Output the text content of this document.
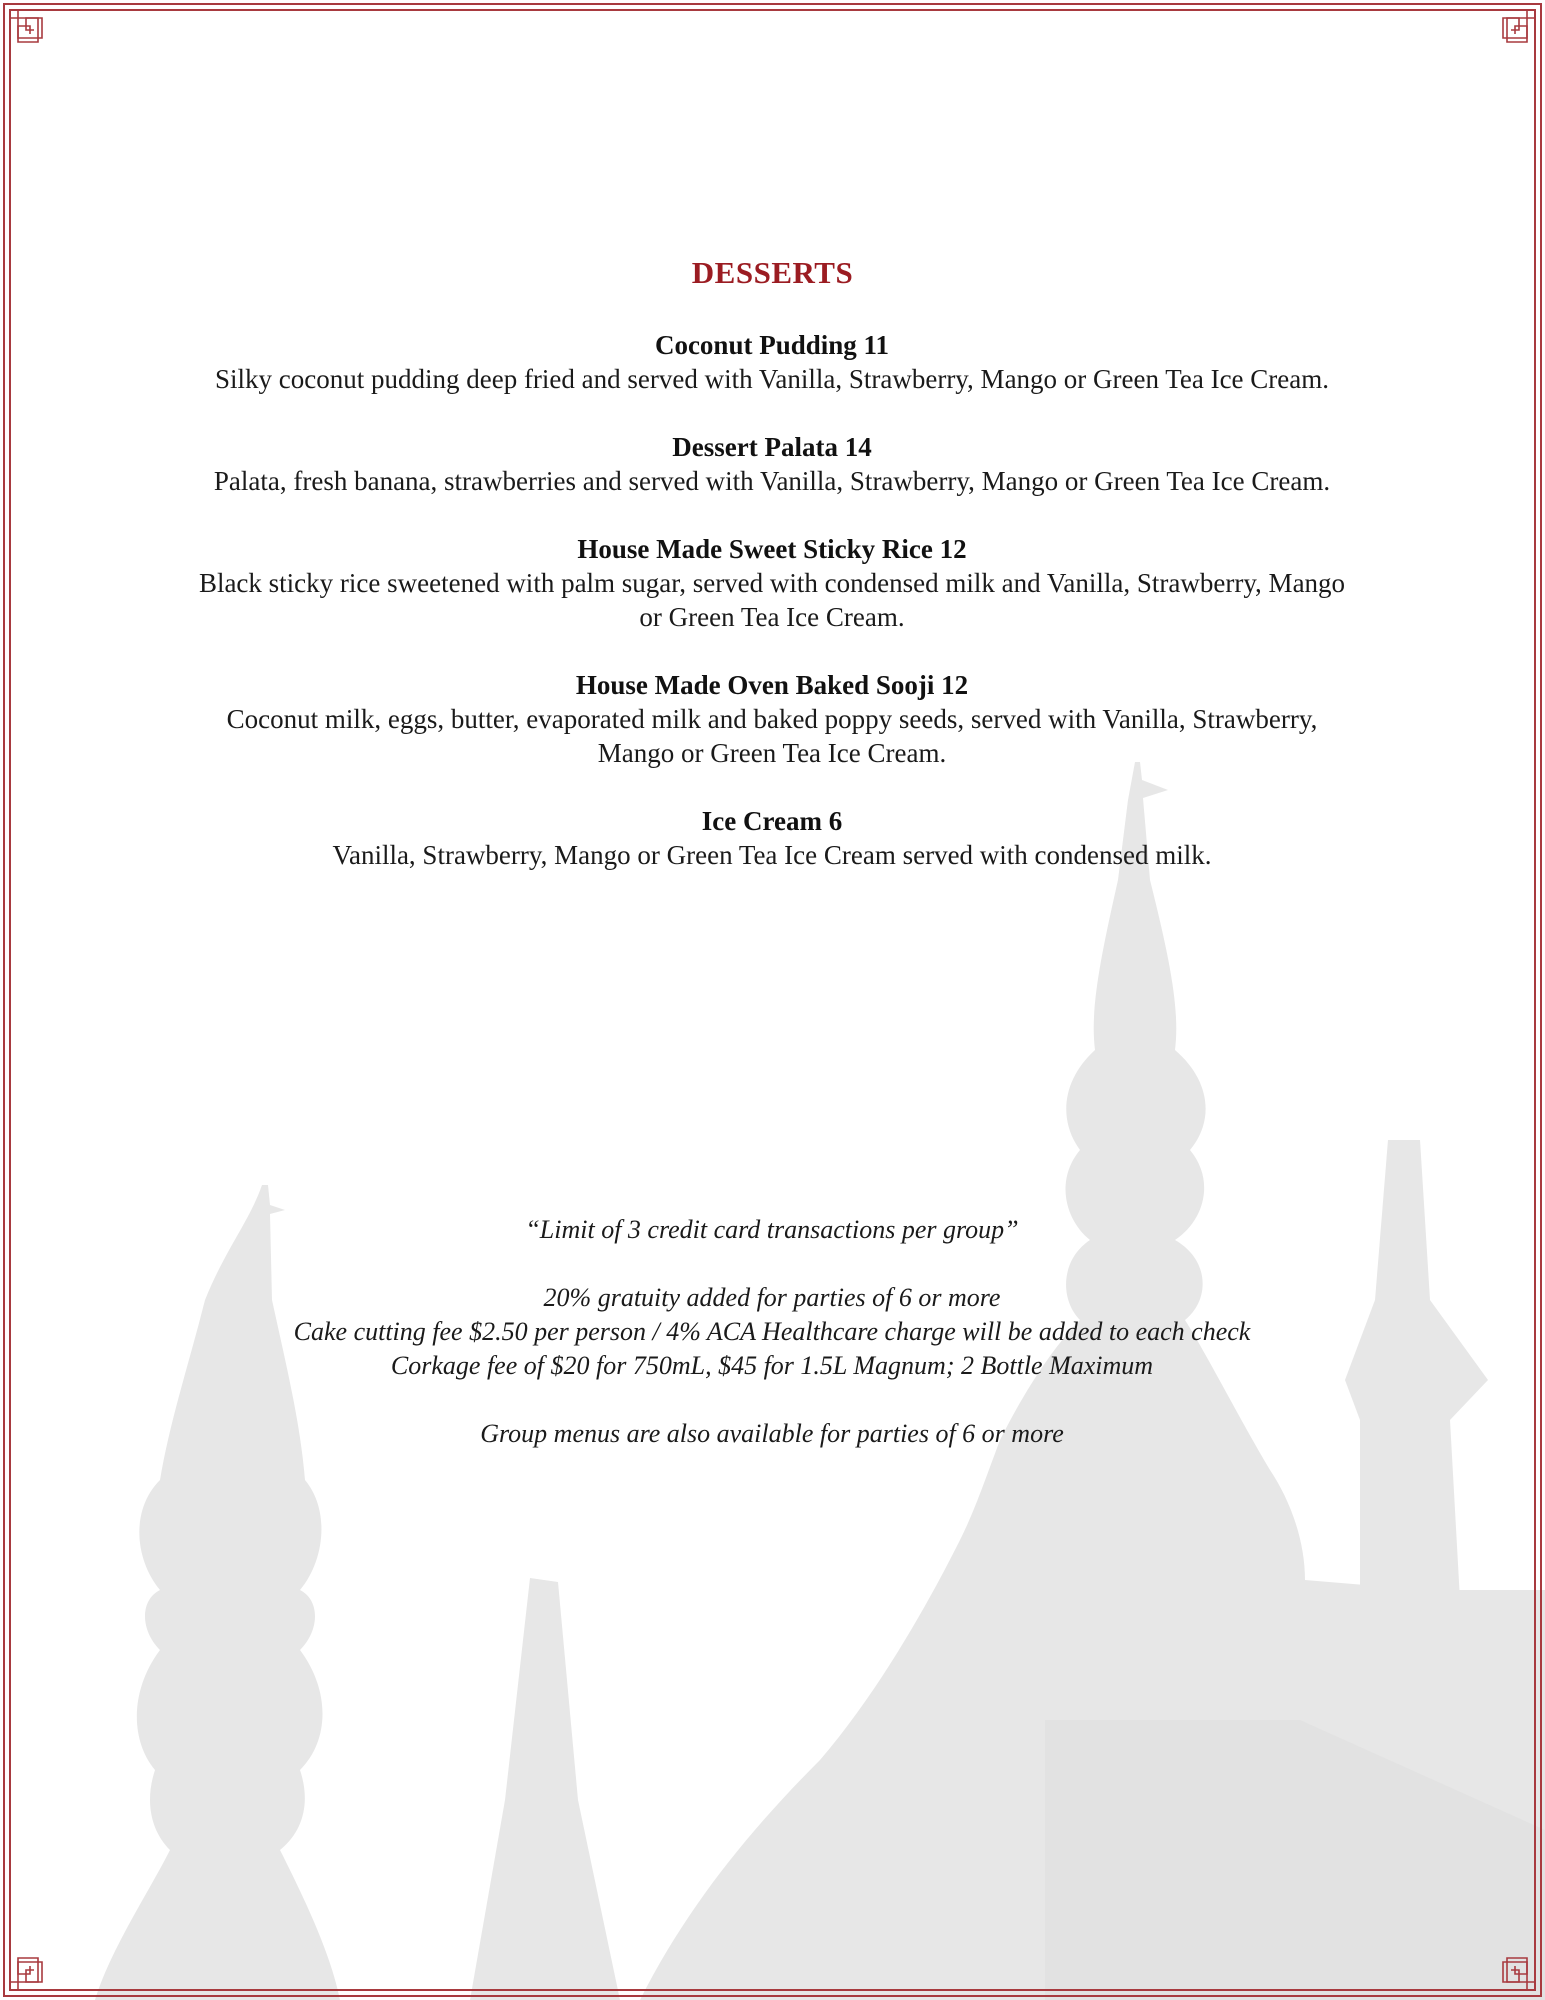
DESSERTS
Coconut Pudding 11
Silky coconut pudding deep fried and served with Vanilla, Strawberry, Mango or Green Tea Ice Cream.
Dessert Palata 14
Palata, fresh banana, strawberries and served with Vanilla, Strawberry, Mango or Green Tea Ice Cream.
House Made Sweet Sticky Rice 12
Black sticky rice sweetened with palm sugar, served with condensed milk and Vanilla, Strawberry, Mango or Green Tea Ice Cream.
House Made Oven Baked Sooji 12
Coconut milk, eggs, butter, evaporated milk and baked poppy seeds, served with Vanilla, Strawberry, Mango or Green Tea Ice Cream.
Ice Cream 6
Vanilla, Strawberry, Mango or Green Tea Ice Cream served with condensed milk.
“Limit of 3 credit card transactions per group”
20% gratuity added for parties of 6 or more
Cake cutting fee $2.50 per person / 4% ACA Healthcare charge will be added to each check
Corkage fee of $20 for 750mL, $45 for 1.5L Magnum; 2 Bottle Maximum
Group menus are also available for parties of 6 or more
